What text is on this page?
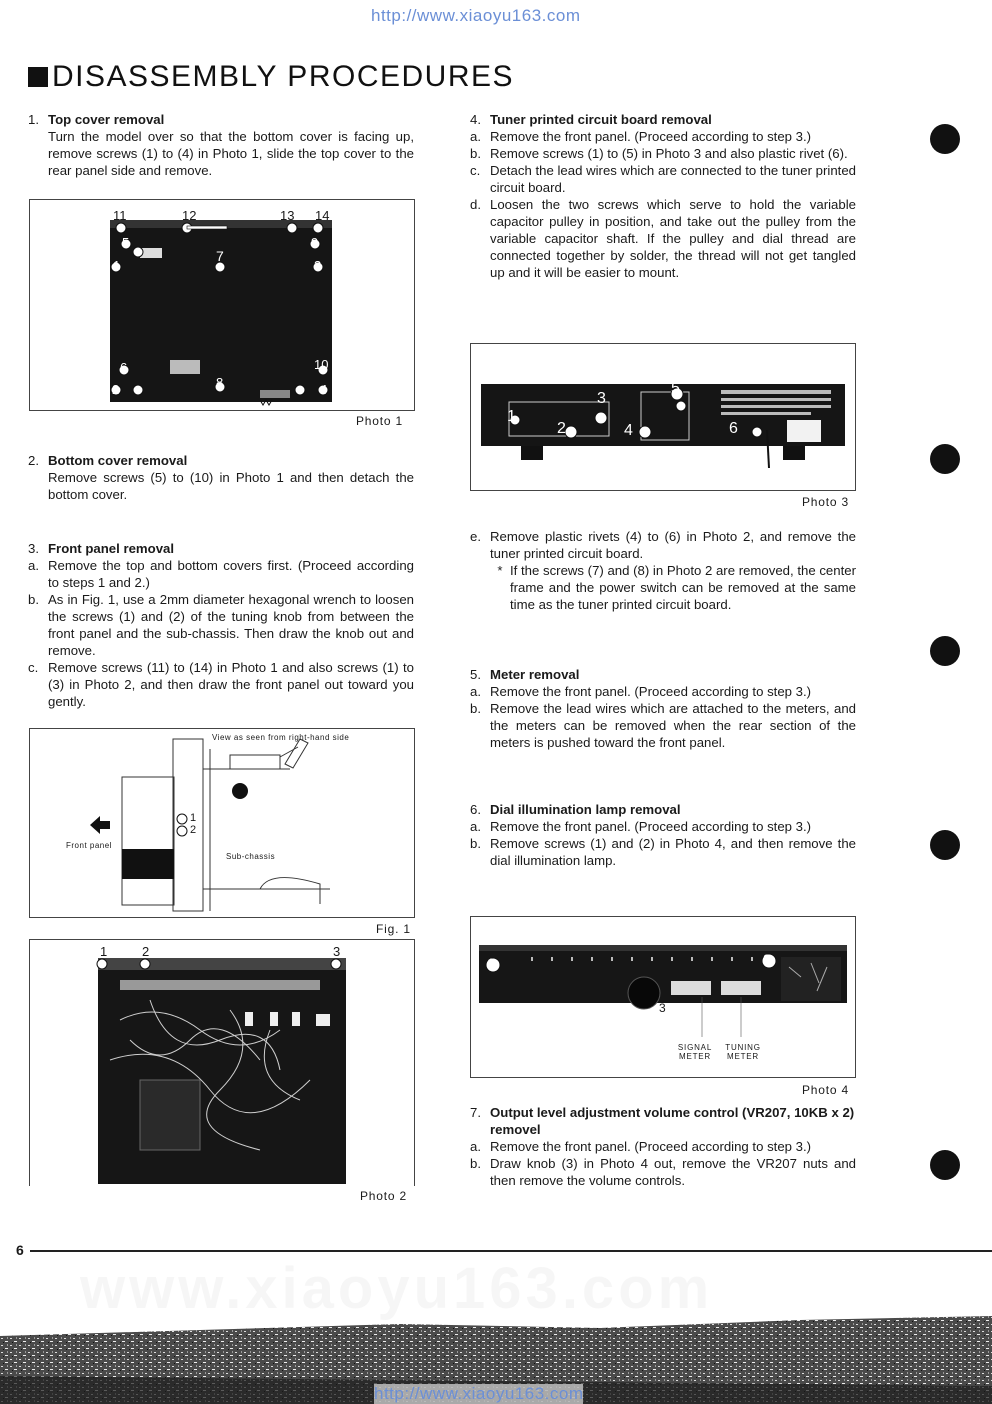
http://www.xiaoyu163.com
DISASSEMBLY PROCEDURES
1. Top cover removal
Turn the model over so that the bottom cover is facing up, remove screws (1) to (4) in Photo 1, slide the top cover to the rear panel side and remove.
11	12	13 14
5
1
7
9
3
6
2	8
10
4
Photo 1
2. Bottom cover removal
Remove screws (5) to (10) in Photo 1 and then detach the bottom cover.
3. Front panel removal
a. Remove the top and bottom covers first. (Proceed according to steps 1 and 2.)
b. As in Fig. 1, use a 2mm diameter hexagonal wrench to loosen the screws (1) and (2) of the tuning knob from between the front panel and the sub-chassis. Then draw the knob out and remove.
c. Remove screws (11) to (14) in Photo 1 and also screws (1) to (3) in Photo 2, and then draw the front panel out toward you gently.
View as seen from right-hand side
Front panel
Sub-chassis
1
2
Fig. 1
1	2	3
Photo 2
4. Tuner printed circuit board removal
a. Remove the front panel. (Proceed according to step 3.)
b. Remove screws (1) to (5) in Photo 3 and also plastic rivet (6).
c. Detach the lead wires which are connected to the tuner printed circuit board.
d. Loosen the two screws which serve to hold the variable capacitor pulley in position, and take out the pulley from the variable capacitor shaft. If the pulley and dial thread are connected together by solder, the thread will not get tangled up and it will be easier to mount.
1
2
3
4
5
6
Photo 3
e. Remove plastic rivets (4) to (6) in Photo 2, and remove the tuner printed circuit board.
* If the screws (7) and (8) in Photo 2 are removed, the center frame and the power switch can be removed at the same time as the tuner printed circuit board.
5. Meter removal
a. Remove the front panel. (Proceed according to step 3.)
b. Remove the lead wires which are attached to the meters, and the meters can be removed when the rear section of the meters is pushed toward the front panel.
6. Dial illumination lamp removal
a. Remove the front panel. (Proceed according to step 3.)
b. Remove screws (1) and (2) in Photo 4, and then remove the dial illumination lamp.
1	2
3
SIGNAL METER
TUNING METER
Photo 4
7. Output level adjustment volume control (VR207, 10KB x 2) removel
a. Remove the front panel. (Proceed according to step 3.)
b. Draw knob (3) in Photo 4 out, remove the VR207 nuts and then remove the volume controls.
6
http://www.xiaoyu163.com
